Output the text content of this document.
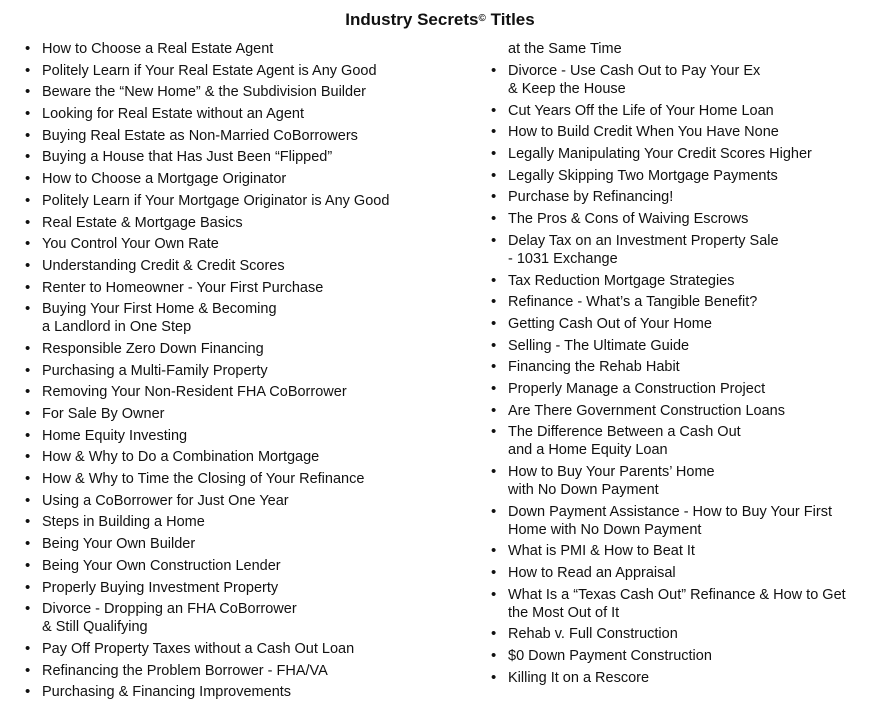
Industry Secrets© Titles
• How to Choose a Real Estate Agent
• Politely Learn if Your Real Estate Agent is Any Good
• Beware the “New Home” & the Subdivision Builder
• Looking for Real Estate without an Agent
• Buying Real Estate as Non-Married CoBorrowers
• Buying a House that Has Just Been “Flipped”
• How to Choose a Mortgage Originator
• Politely Learn if Your Mortgage Originator is Any Good
• Real Estate & Mortgage Basics
• You Control Your Own Rate
• Understanding Credit & Credit Scores
• Renter to Homeowner - Your First Purchase
• Buying Your First Home & Becoming
a Landlord in One Step
• Responsible Zero Down Financing
• Purchasing a Multi-Family Property
• Removing Your Non-Resident FHA CoBorrower
• For Sale By Owner
• Home Equity Investing
• How & Why to Do a Combination Mortgage
• How & Why to Time the Closing of Your Refinance
• Using a CoBorrower for Just One Year
• Steps in Building a Home
• Being Your Own Builder
• Being Your Own Construction Lender
• Properly Buying Investment Property
• Divorce - Dropping an FHA CoBorrower
& Still Qualifying
• Pay Off Property Taxes without a Cash Out Loan
• Refinancing the Problem Borrower - FHA/VA
• Purchasing & Financing Improvements
at the Same Time
• Divorce - Use Cash Out to Pay Your Ex
& Keep the House
• Cut Years Off the Life of Your Home Loan
• How to Build Credit When You Have None
• Legally Manipulating Your Credit Scores Higher
• Legally Skipping Two Mortgage Payments
• Purchase by Refinancing!
• The Pros & Cons of Waiving Escrows
• Delay Tax on an Investment Property Sale
- 1031 Exchange
• Tax Reduction Mortgage Strategies
• Refinance - What’s a Tangible Benefit?
• Getting Cash Out of Your Home
• Selling - The Ultimate Guide
• Financing the Rehab Habit
• Properly Manage a Construction Project
• Are There Government Construction Loans
• The Difference Between a Cash Out
and a Home Equity Loan
• How to Buy Your Parents’ Home
with No Down Payment
• Down Payment Assistance - How to Buy Your First
Home with No Down Payment
• What is PMI & How to Beat It
• How to Read an Appraisal
• What Is a “Texas Cash Out” Refinance & How to Get
the Most Out of It
• Rehab v. Full Construction
• $0 Down Payment Construction
• Killing It on a Rescore
